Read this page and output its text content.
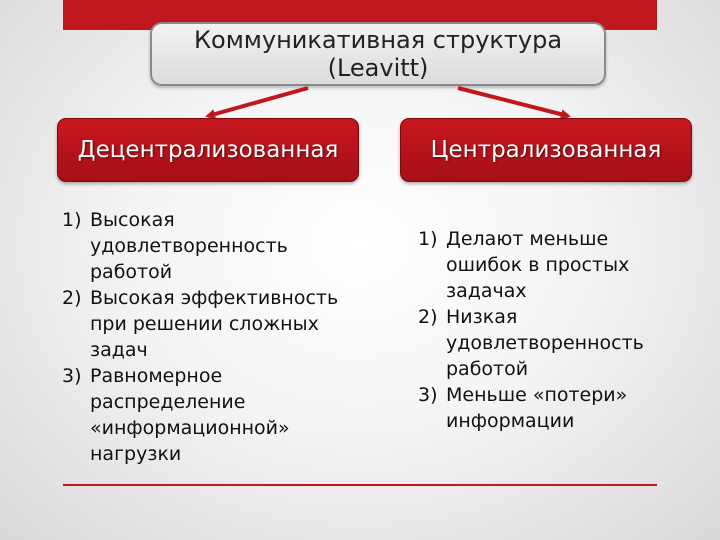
Коммуникативная структура
(Leavitt)
Децентрализованная	Централизованная
1) Высокая удовлетворенность работой
2) Высокая эффективность при решении сложных задач
3) Равномерное распределение «информационной» нагрузки
1) Делают меньше ошибок в простых задачах
2) Низкая удовлетворенность работой
3) Меньше «потери» информации
